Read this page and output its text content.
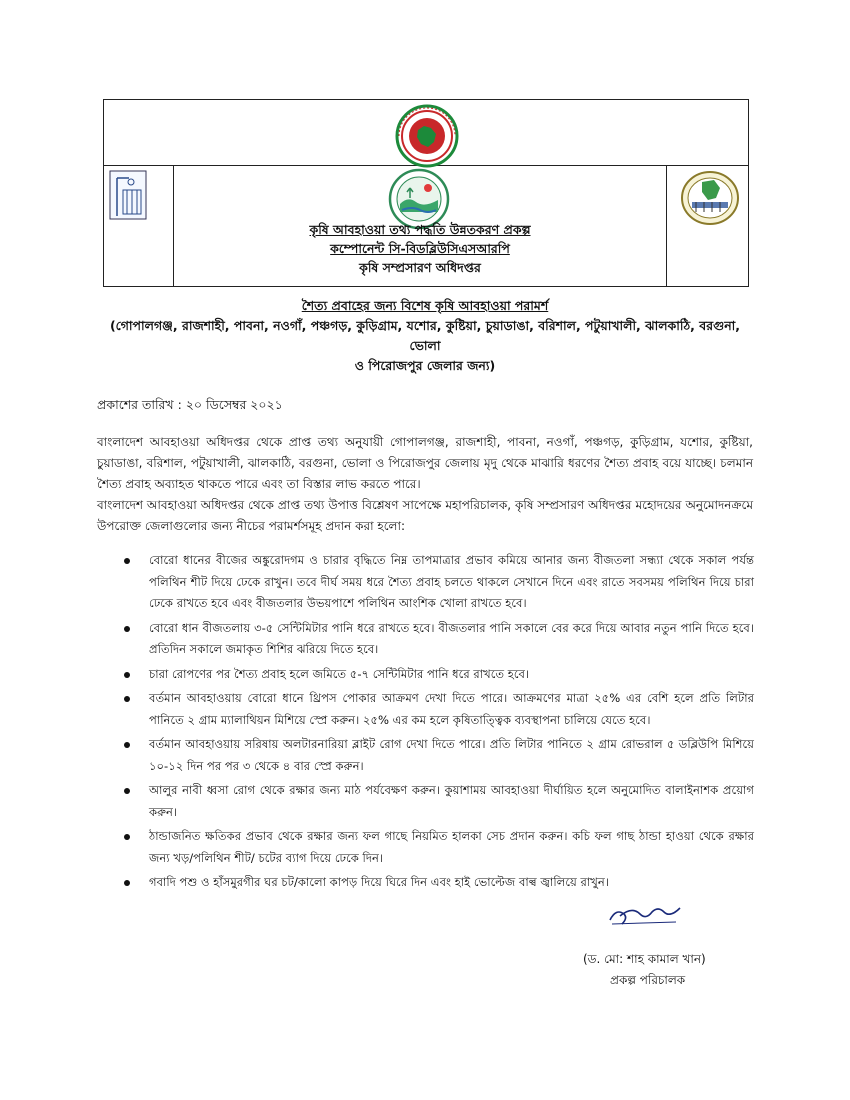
কৃষি আবহাওয়া তথ্য পদ্ধতি উন্নতকরণ প্রকল্প
কম্পোনেন্ট সি-বিডব্লিউসিএসআরপি
কৃষি সম্প্রসারণ অধিদপ্তর
শৈত্য প্রবাহের জন্য বিশেষ কৃষি আবহাওয়া পরামর্শ
(গোপালগঞ্জ, রাজশাহী, পাবনা, নওগাঁ, পঞ্চগড়, কুড়িগ্রাম, যশোর, কুষ্টিয়া, চুয়াডাঙা, বরিশাল, পটুয়াখালী, ঝালকাঠি, বরগুনা, ভোলা
ও পিরোজপুর জেলার জন্য)
প্রকাশের তারিখ : ২০ ডিসেম্বর ২০২১
বাংলাদেশ আবহাওয়া অধিদপ্তর থেকে প্রাপ্ত তথ্য অনুযায়ী গোপালগঞ্জ, রাজশাহী, পাবনা, নওগাঁ, পঞ্চগড়, কুড়িগ্রাম, যশোর, কুষ্টিয়া, চুয়াডাঙা, বরিশাল, পটুয়াখালী, ঝালকাঠি, বরগুনা, ভোলা ও পিরোজপুর জেলায় মৃদু থেকে মাঝারি ধরণের শৈত্য প্রবাহ বয়ে যাচ্ছে। চলমান শৈত্য প্রবাহ অব্যাহত থাকতে পারে এবং তা বিস্তার লাভ করতে পারে।
বাংলাদেশ আবহাওয়া অধিদপ্তর থেকে প্রাপ্ত তথ্য উপাত্ত বিশ্লেষণ সাপেক্ষে মহাপরিচালক, কৃষি সম্প্রসারণ অধিদপ্তর মহোদয়ের অনুমোদনক্রমে উপরোক্ত জেলাগুলোর জন্য নীচের পরামর্শসমূহ প্রদান করা হলো:
বোরো ধানের বীজের অঙ্কুরোদগম ও চারার বৃদ্ধিতে নিম্ন তাপমাত্রার প্রভাব কমিয়ে আনার জন্য বীজতলা সন্ধ্যা থেকে সকাল পর্যন্ত পলিথিন শীট দিয়ে ঢেকে রাখুন। তবে দীর্ঘ সময় ধরে শৈত্য প্রবাহ চলতে থাকলে সেখানে দিনে এবং রাতে সবসময় পলিথিন দিয়ে চারা ঢেকে রাখতে হবে এবং বীজতলার উভয়পাশে পলিথিন আংশিক খোলা রাখতে হবে।
বোরো ধান বীজতলায় ৩-৫ সেন্টিমিটার পানি ধরে রাখতে হবে। বীজতলার পানি সকালে বের করে দিয়ে আবার নতুন পানি দিতে হবে। প্রতিদিন সকালে জমাকৃত শিশির ঝরিয়ে দিতে হবে।
চারা রোপণের পর শৈত্য প্রবাহ হলে জমিতে ৫-৭ সেন্টিমিটার পানি ধরে রাখতে হবে।
বর্তমান আবহাওয়ায় বোরো ধানে থ্রিপস পোকার আক্রমণ দেখা দিতে পারে। আক্রমণের মাত্রা ২৫% এর বেশি হলে প্রতি লিটার পানিতে ২ গ্রাম ম্যালাথিয়ন মিশিয়ে স্প্রে করুন। ২৫% এর কম হলে কৃষিতাত্ত্বিক ব্যবস্থাপনা চালিয়ে যেতে হবে।
বর্তমান আবহাওয়ায় সরিষায় অলটারনারিয়া ব্লাইট রোগ দেখা দিতে পারে। প্রতি লিটার পানিতে ২ গ্রাম রোভরাল ৫ ডব্লিউপি মিশিয়ে ১০-১২ দিন পর পর ৩ থেকে ৪ বার স্প্রে করুন।
আলুর নাবী ধ্বসা রোগ থেকে রক্ষার জন্য মাঠ পর্যবেক্ষণ করুন। কুয়াশাময় আবহাওয়া দীর্ঘায়িত হলে অনুমোদিত বালাইনাশক প্রয়োগ করুন।
ঠান্ডাজনিত ক্ষতিকর প্রভাব থেকে রক্ষার জন্য ফল গাছে নিয়মিত হালকা সেচ প্রদান করুন। কচি ফল গাছ ঠান্ডা হাওয়া থেকে রক্ষার জন্য খড়/পলিথিন শীট/ চটের ব্যাগ দিয়ে ঢেকে দিন।
গবাদি পশু ও হাঁসমুরগীর ঘর চট/কালো কাপড় দিয়ে ঘিরে দিন এবং হাই ভোল্টেজ বাল্ব জ্বালিয়ে রাখুন।
(ড. মো: শাহ কামাল খান)
প্রকল্প পরিচালক
